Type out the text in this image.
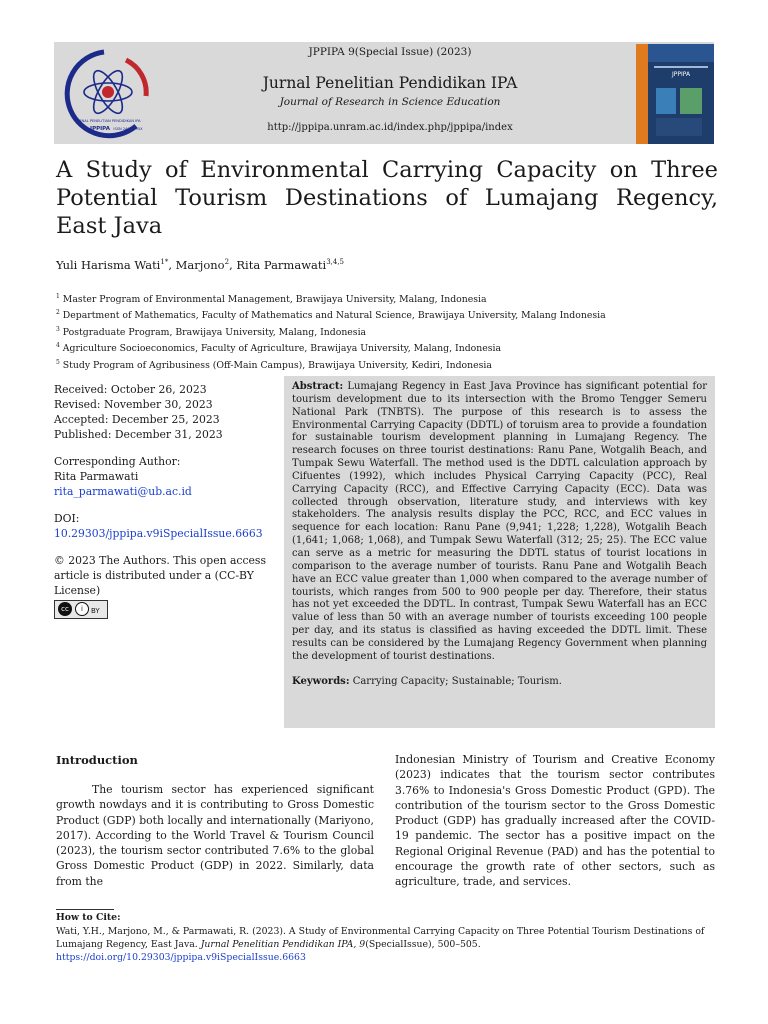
JURNAL PENELITIAN PENDIDIKAN IPA
JPPIPA ISSN 2407-795X
JPPIPA
JPPIPA 9(Special Issue) (2023)
Jurnal Penelitian Pendidikan IPA
Journal of Research in Science Education
http://jppipa.unram.ac.id/index.php/jppipa/index
A Study of Environmental Carrying Capacity on Three Potential Tourism Destinations of Lumajang Regency, East Java
Yuli Harisma Wati$^{1*}$, Marjono$^2$, Rita Parmawati$^{3,4,5}$
$^1$ Master Program of Environmental Management, Brawijaya University, Malang, Indonesia
$^2$ Department of Mathematics, Faculty of Mathematics and Natural Science, Brawijaya University, Malang Indonesia
$^3$ Postgraduate Program, Brawijaya University, Malang, Indonesia
$^4$ Agriculture Socioeconomics, Faculty of Agriculture, Brawijaya University, Malang, Indonesia
$^5$ Study Program of Agribusiness (Off-Main Campus), Brawijaya University, Kediri, Indonesia
Received: October 26, 2023
Revised: November 30, 2023
Accepted: December 25, 2023
Published: December 31, 2023
Corresponding Author:
Rita Parmawati
rita_parmawati@ub.ac.id
DOI: 10.29303/jppipa.v9iSpecialIssue.6663
© 2023 The Authors. This open access article is distributed under a (CC-BY License)
cc	i	BY

Abstract: Lumajang Regency in East Java Province has significant potential for tourism development due to its intersection with the Bromo Tengger Semeru National Park (TNBTS). The purpose of this research is to assess the Environmental Carrying Capacity (DDTL) of toruism area to provide a foundation for sustainable tourism development planning in Lumajang Regency. The research focuses on three tourist destinations: Ranu Pane, Wotgalih Beach, and Tumpak Sewu Waterfall. The method used is the DDTL calculation approach by Cifuentes (1992), which includes Physical Carrying Capacity (PCC), Real Carrying Capacity (RCC), and Effective Carrying Capacity (ECC). Data was collected through observation, literature study, and interviews with key stakeholders. The analysis results display the PCC, RCC, and ECC values in sequence for each location: Ranu Pane (9,941; 1,228; 1,228), Wotgalih Beach (1,641; 1,068; 1,068), and Tumpak Sewu Waterfall (312; 25; 25). The ECC value can serve as a metric for measuring the DDTL status of tourist locations in comparison to the average number of tourists. Ranu Pane and Wotgalih Beach have an ECC value greater than 1,000 when compared to the average number of tourists, which ranges from 500 to 900 people per day. Therefore, their status has not yet exceeded the DDTL. In contrast, Tumpak Sewu Waterfall has an ECC value of less than 50 with an average number of tourists exceeding 100 people per day, and its status is classified as having exceeded the DDTL limit. These results can be considered by the Lumajang Regency Government when planning the development of tourist destinations.

Keywords: Carrying Capacity; Sustainable; Tourism.

Introduction

The tourism sector has experienced significant growth nowdays and it is contributing to Gross Domestic Product (GDP) both locally and internationally (Mariyono, 2017). According to the World Travel & Tourism Council (2023), the tourism sector contributed 7.6% to the global Gross Domestic Product (GDP) in 2022. Similarly, data from the

Indonesian Ministry of Tourism and Creative Economy (2023) indicates that the tourism sector contributes 3.76% to Indonesia's Gross Domestic Product (GPD). The contribution of the tourism sector to the Gross Domestic Product (GDP) has gradually increased after the COVID-19 pandemic. The sector has a positive impact on the Regional Original Revenue (PAD) and has the potential to encourage the growth rate of other sectors, such as agriculture, trade, and services.

How to Cite:
Wati, Y.H., Marjono, M., & Parmawati, R. (2023). A Study of Environmental Carrying Capacity on Three Potential Tourism Destinations of Lumajang Regency, East Java. Jurnal Penelitian Pendidikan IPA, 9(SpecialIssue), 500–505. https://doi.org/10.29303/jppipa.v9iSpecialIssue.6663
